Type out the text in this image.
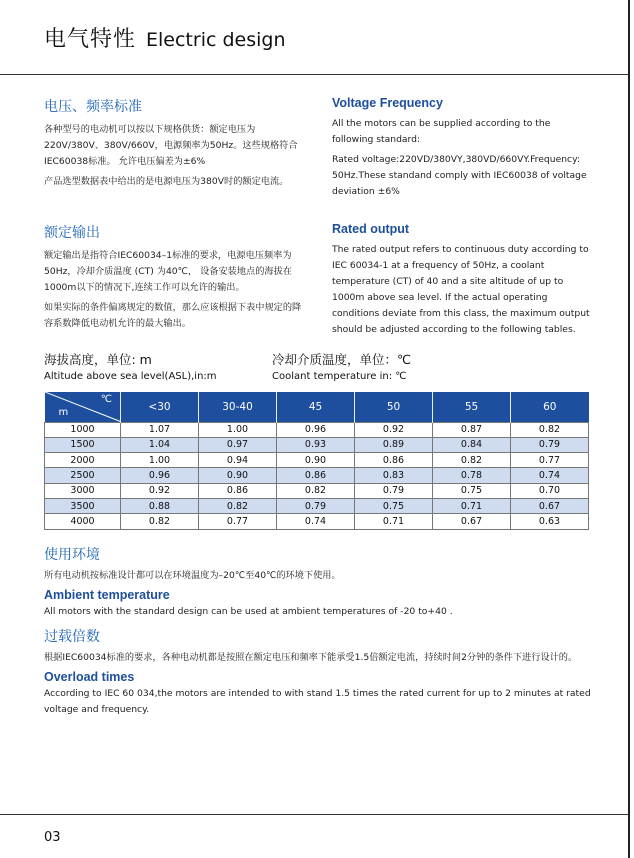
电气特性 Electric design
电压、频率标准
各种型号的电动机可以按以下规格供货：额定电压为220V/380V、380V/660V，电源频率为50Hz。这些规格符合IEC60038标准。 允许电压偏差为±6%
产品选型数据表中给出的是电源电压为380V时的额定电流。
额定输出
额定输出是指符合IEC60034–1标准的要求，电源电压频率为50Hz，冷却介质温度 (CT) 为40℃， 设备安装地点的海拔在1000m以下的情况下,连续工作可以允许的输出。
如果实际的条件偏离规定的数值，那么应该根据下表中规定的降容系数降低电动机允许的最大输出。
Voltage Frequency
All the motors can be supplied according to the following standard:
Rated voltage:220VD/380VY,380VD/660VY.Frequency: 50Hz.These standand comply with IEC60038 of voltage deviation ±6%
Rated output
The rated output refers to continuous duty according to IEC 60034-1 at a frequency of 50Hz, a coolant temperature (CT) of 40 and a site altitude of up to 1000m above sea level. If the actual operating conditions deviate from this class, the maximum output should be adjusted according to the following tables.
海拔高度，单位: m
Altitude above sea level(ASL),in:m
冷却介质温度，单位：℃
Coolant temperature in: ℃
℃
m	<30	30-40	45	50	55	60
1000	1.07	1.00	0.96	0.92	0.87	0.82
1500	1.04	0.97	0.93	0.89	0.84	0.79
2000	1.00	0.94	0.90	0.86	0.82	0.77
2500	0.96	0.90	0.86	0.83	0.78	0.74
3000	0.92	0.86	0.82	0.79	0.75	0.70
3500	0.88	0.82	0.79	0.75	0.71	0.67
4000	0.82	0.77	0.74	0.71	0.67	0.63
使用环境
所有电动机按标准设计都可以在环境温度为–20℃至40℃的环境下使用。
Ambient temperature
All motors with the standard design can be used at ambient temperatures of -20 to+40 .
过载倍数
根据IEC60034标准的要求，各种电动机都是按照在额定电压和频率下能承受1.5倍额定电流，持续时间2分钟的条件下进行设计的。
Overload times
According to IEC 60 034,the motors are intended to with stand 1.5 times the rated current for up to 2 minutes at rated voltage and frequency.
03
